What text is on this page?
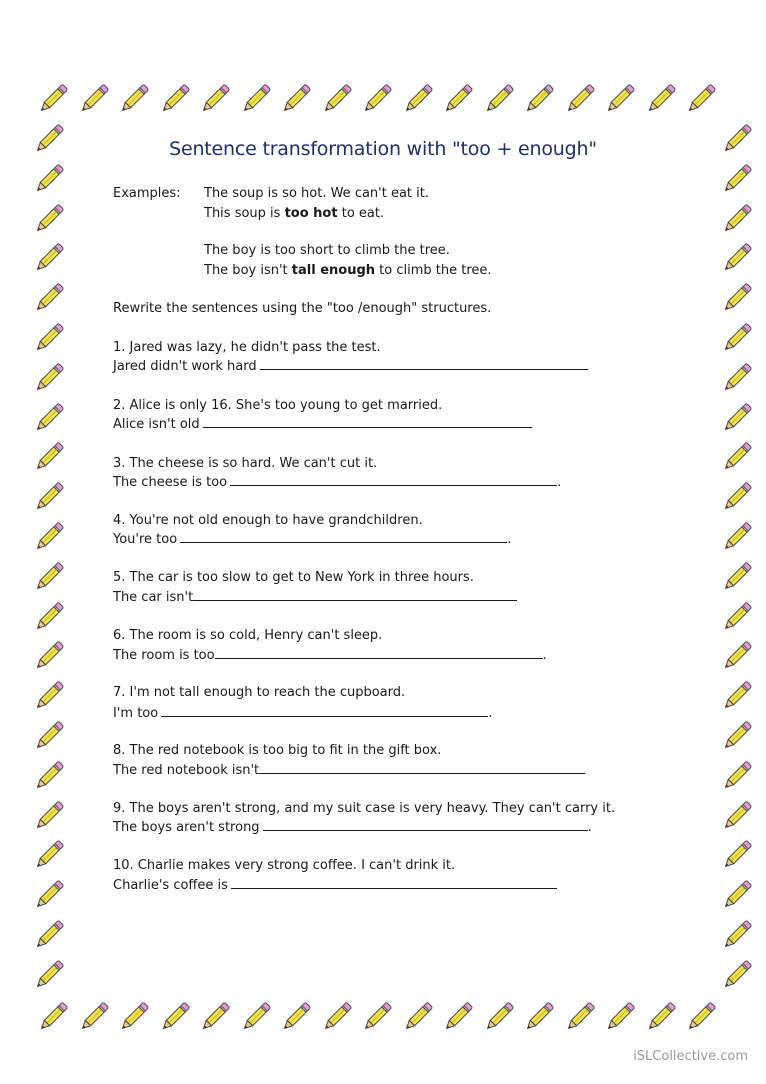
Sentence transformation with "too + enough"
Examples: The soup is so hot. We can't eat it.
This soup is too hot to eat.
The boy is too short to climb the tree.
The boy isn't tall enough to climb the tree.
Rewrite the sentences using the "too /enough" structures.
1. Jared was lazy, he didn't pass the test.
Jared didn't work hard
2. Alice is only 16. She's too young to get married.
Alice isn't old
3. The cheese is so hard. We can't cut it.
The cheese is too	.
4. You're not old enough to have grandchildren.
You're too	.
5. The car is too slow to get to New York in three hours.
The car isn't
6. The room is so cold, Henry can't sleep.
The room is too	.
7. I'm not tall enough to reach the cupboard.
I'm too	.
8. The red notebook is too big to fit in the gift box.
The red notebook isn't
9. The boys aren't strong, and my suit case is very heavy. They can't carry it.
The boys aren't strong	.
10. Charlie makes very strong coffee. I can't drink it.
Charlie's coffee is
iSLCollective.com
